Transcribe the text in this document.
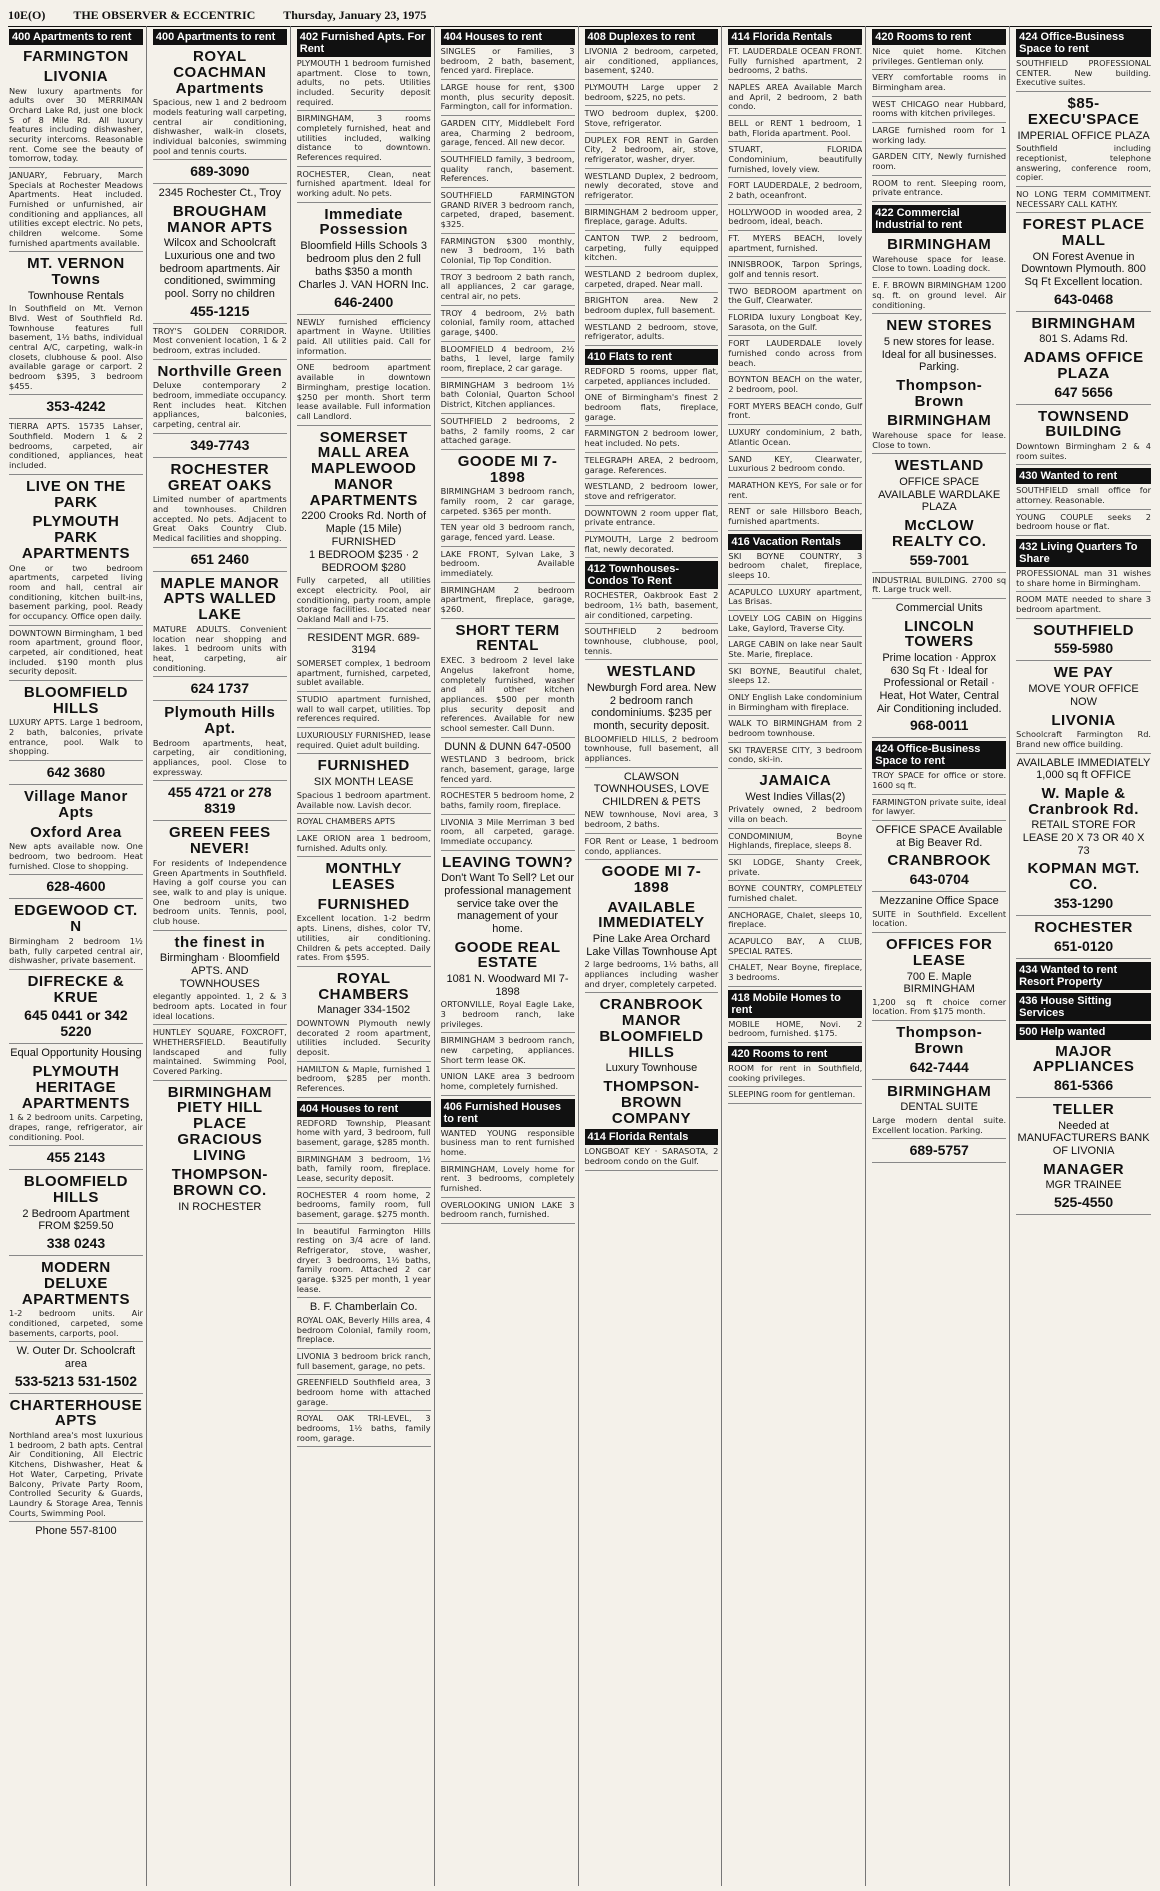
10E(O) THE OBSERVER & ECCENTRIC Thursday, January 23, 1975
400 Apartments to rent
FARMINGTON
LIVONIA
New luxury apartments for adults over 30 MERRIMAN Orchard Lake Rd, just one block S of 8 Mile Rd. All luxury features including dishwasher, security intercoms. Reasonable rent. Come see the beauty of tomorrow, today.
JANUARY, February, March Specials at Rochester Meadows Apartments. Heat included. Furnished or unfurnished, air conditioning and appliances, all utilities except electric. No pets, children welcome. Some furnished apartments available.
MT. VERNON Towns
Townhouse Rentals
In Southfield on Mt. Vernon Blvd. West of Southfield Rd. Townhouse features full basement, 1½ baths, individual central A/C, carpeting, walk-in closets, clubhouse & pool. Also available garage or carport. 2 bedroom $395, 3 bedroom $455.
353-4242
TIERRA APTS. 15735 Lahser, Southfield. Modern 1 & 2 bedrooms, carpeted, air conditioned, appliances, heat included.
LIVE ON THE PARK
PLYMOUTH PARK APARTMENTS
One or two bedroom apartments, carpeted living room and hall, central air conditioning, kitchen built-ins, basement parking, pool. Ready for occupancy. Office open daily.
DOWNTOWN Birmingham, 1 bed room apartment, ground floor, carpeted, air conditioned, heat included. $190 month plus security deposit.
BLOOMFIELD HILLS
LUXURY APTS. Large 1 bedroom, 2 bath, balconies, private entrance, pool. Walk to shopping.
642 3680
Village Manor Apts
Oxford Area
New apts available now. One bedroom, two bedroom. Heat furnished. Close to shopping.
628-4600
EDGEWOOD CT. N
Birmingham 2 bedroom 1½ bath, fully carpeted central air, dishwasher, private basement.
DIFRECKE & KRUE
645 0441 or 342 5220
Equal Opportunity Housing
PLYMOUTH HERITAGE APARTMENTS
1 & 2 bedroom units. Carpeting, drapes, range, refrigerator, air conditioning. Pool.
455 2143
BLOOMFIELD HILLS
2 Bedroom Apartment FROM $259.50
338 0243
MODERN DELUXE APARTMENTS
1-2 bedroom units. Air conditioned, carpeted, some basements, carports, pool.
W. Outer Dr. Schoolcraft area
533-5213 531-1502
CHARTERHOUSE APTS
Northland area's most luxurious 1 bedroom, 2 bath apts. Central Air Conditioning, All Electric Kitchens, Dishwasher, Heat & Hot Water, Carpeting, Private Balcony, Private Party Room, Controlled Security & Guards, Laundry & Storage Area, Tennis Courts, Swimming Pool.
Phone 557-8100
400 Apartments to rent
ROYAL COACHMAN Apartments
Spacious, new 1 and 2 bedroom models featuring wall carpeting, central air conditioning, dishwasher, walk-in closets, individual balconies, swimming pool and tennis courts.
689-3090
2345 Rochester Ct., Troy
BROUGHAM MANOR APTS
Wilcox and Schoolcraft Luxurious one and two bedroom apartments. Air conditioned, swimming pool. Sorry no children
455-1215
TROY'S GOLDEN CORRIDOR. Most convenient location, 1 & 2 bedroom, extras included.
Northville Green
Deluxe contemporary 2 bedroom, immediate occupancy. Rent includes heat. Kitchen appliances, balconies, carpeting, central air.
349-7743
ROCHESTER GREAT OAKS
Limited number of apartments and townhouses. Children accepted. No pets. Adjacent to Great Oaks Country Club. Medical facilities and shopping.
651 2460
MAPLE MANOR APTS WALLED LAKE
MATURE ADULTS. Convenient location near shopping and lakes. 1 bedroom units with heat, carpeting, air conditioning.
624 1737
Plymouth Hills Apt.
Bedroom apartments, heat, carpeting, air conditioning, appliances, pool. Close to expressway.
455 4721 or 278 8319
GREEN FEES NEVER!
For residents of Independence Green Apartments in Southfield. Having a golf course you can see, walk to and play is unique. One bedroom units, two bedroom units. Tennis, pool, club house.
the finest in
Birmingham · Bloomfield APTS. AND TOWNHOUSES
elegantly appointed. 1, 2 & 3 bedroom apts. Located in four ideal locations.
HUNTLEY SQUARE, FOXCROFT, WHETHERSFIELD. Beautifully landscaped and fully maintained. Swimming Pool, Covered Parking.
BIRMINGHAM PIETY HILL PLACE GRACIOUS LIVING
THOMPSON-BROWN CO.
IN ROCHESTER
402 Furnished Apts. For Rent
PLYMOUTH 1 bedroom furnished apartment. Close to town, adults, no pets. Utilities included. Security deposit required.
BIRMINGHAM, 3 rooms completely furnished, heat and utilities included, walking distance to downtown. References required.
ROCHESTER, Clean, neat furnished apartment. Ideal for working adult. No pets.
Immediate Possession
Bloomfield Hills Schools 3 bedroom plus den 2 full baths $350 a month
Charles J. VAN HORN Inc.
646-2400
NEWLY furnished efficiency apartment in Wayne. Utilities paid. All utilities paid. Call for information.
ONE bedroom apartment available in downtown Birmingham, prestige location. $250 per month. Short term lease available. Full information call Landlord.
SOMERSET MALL AREA MAPLEWOOD MANOR APARTMENTS
2200 Crooks Rd. North of Maple (15 Mile) FURNISHED
1 BEDROOM $235 · 2 BEDROOM $280
Fully carpeted, all utilities except electricity. Pool, air conditioning, party room, ample storage facilities. Located near Oakland Mall and I-75.
RESIDENT MGR. 689-3194
SOMERSET complex, 1 bedroom apartment, furnished, carpeted, sublet available.
STUDIO apartment furnished, wall to wall carpet, utilities. Top references required.
LUXURIOUSLY FURNISHED, lease required. Quiet adult building.
FURNISHED
SIX MONTH LEASE
Spacious 1 bedroom apartment. Available now. Lavish decor.
ROYAL CHAMBERS APTS
LAKE ORION area 1 bedroom, furnished. Adults only.
MONTHLY LEASES
FURNISHED
Excellent location. 1-2 bedrm apts. Linens, dishes, color TV, utilities, air conditioning. Children & pets accepted. Daily rates. From $595.
ROYAL CHAMBERS
Manager 334-1502
DOWNTOWN Plymouth newly decorated 2 room apartment, utilities included. Security deposit.
HAMILTON & Maple, furnished 1 bedroom, $285 per month. References.
404 Houses to rent
REDFORD Township, Pleasant home with yard, 3 bedroom, full basement, garage, $285 month.
BIRMINGHAM 3 bedroom, 1½ bath, family room, fireplace. Lease, security deposit.
ROCHESTER 4 room home, 2 bedrooms, family room, full basement, garage. $275 month.
In beautiful Farmington Hills resting on 3/4 acre of land. Refrigerator, stove, washer, dryer. 3 bedrooms, 1½ baths, family room. Attached 2 car garage. $325 per month, 1 year lease.
B. F. Chamberlain Co.
ROYAL OAK, Beverly Hills area, 4 bedroom Colonial, family room, fireplace.
LIVONIA 3 bedroom brick ranch, full basement, garage, no pets.
GREENFIELD Southfield area, 3 bedroom home with attached garage.
ROYAL OAK TRI-LEVEL, 3 bedrooms, 1½ baths, family room, garage.
404 Houses to rent
SINGLES or Families, 3 bedroom, 2 bath, basement, fenced yard. Fireplace.
LARGE house for rent, $300 month, plus security deposit. Farmington, call for information.
GARDEN CITY, Middlebelt Ford area, Charming 2 bedroom, garage, fenced. All new decor.
SOUTHFIELD family, 3 bedroom, quality ranch, basement. References.
SOUTHFIELD FARMINGTON GRAND RIVER 3 bedroom ranch, carpeted, draped, basement. $325.
FARMINGTON $300 monthly, new 3 bedroom, 1½ bath Colonial, Tip Top Condition.
TROY 3 bedroom 2 bath ranch, all appliances, 2 car garage, central air, no pets.
TROY 4 bedroom, 2½ bath colonial, family room, attached garage, $400.
BLOOMFIELD 4 bedroom, 2½ baths, 1 level, large family room, fireplace, 2 car garage.
BIRMINGHAM 3 bedroom 1½ bath Colonial, Quarton School District, Kitchen appliances.
SOUTHFIELD 2 bedrooms, 2 baths, 2 family rooms, 2 car attached garage.
GOODE MI 7-1898
BIRMINGHAM 3 bedroom ranch, family room, 2 car garage, carpeted. $365 per month.
TEN year old 3 bedroom ranch, garage, fenced yard. Lease.
LAKE FRONT, Sylvan Lake, 3 bedroom. Available immediately.
BIRMINGHAM 2 bedroom apartment, fireplace, garage, $260.
SHORT TERM RENTAL
EXEC. 3 bedroom 2 level lake Angelus lakefront home, completely furnished, washer and all other kitchen appliances. $500 per month plus security deposit and references. Available for new school semester. Call Dunn.
DUNN & DUNN 647-0500
WESTLAND 3 bedroom, brick ranch, basement, garage, large fenced yard.
ROCHESTER 5 bedroom home, 2 baths, family room, fireplace.
LIVONIA 3 Mile Merriman 3 bed room, all carpeted, garage. Immediate occupancy.
LEAVING TOWN?
Don't Want To Sell? Let our professional management service take over the management of your home.
GOODE REAL ESTATE
1081 N. Woodward MI 7-1898
ORTONVILLE, Royal Eagle Lake, 3 bedroom ranch, lake privileges.
BIRMINGHAM 3 bedroom ranch, new carpeting, appliances. Short term lease OK.
UNION LAKE area 3 bedroom home, completely furnished.
406 Furnished Houses to rent
WANTED YOUNG responsible business man to rent furnished home.
BIRMINGHAM, Lovely home for rent. 3 bedrooms, completely furnished.
OVERLOOKING UNION LAKE 3 bedroom ranch, furnished.
408 Duplexes to rent
LIVONIA 2 bedroom, carpeted, air conditioned, appliances, basement, $240.
PLYMOUTH Large upper 2 bedroom, $225, no pets.
TWO bedroom duplex, $200. Stove, refrigerator.
DUPLEX FOR RENT in Garden City, 2 bedroom, air, stove, refrigerator, washer, dryer.
WESTLAND Duplex, 2 bedroom, newly decorated, stove and refrigerator.
BIRMINGHAM 2 bedroom upper, fireplace, garage. Adults.
CANTON TWP. 2 bedroom, carpeting, fully equipped kitchen.
WESTLAND 2 bedroom duplex, carpeted, draped. Near mall.
BRIGHTON area. New 2 bedroom duplex, full basement.
WESTLAND 2 bedroom, stove, refrigerator, adults.
410 Flats to rent
REDFORD 5 rooms, upper flat, carpeted, appliances included.
ONE of Birmingham's finest 2 bedroom flats, fireplace, garage.
FARMINGTON 2 bedroom lower, heat included. No pets.
TELEGRAPH AREA, 2 bedroom, garage. References.
WESTLAND, 2 bedroom lower, stove and refrigerator.
DOWNTOWN 2 room upper flat, private entrance.
PLYMOUTH, Large 2 bedroom flat, newly decorated.
412 Townhouses-Condos To Rent
ROCHESTER, Oakbrook East 2 bedroom, 1½ bath, basement, air conditioned, carpeting.
SOUTHFIELD 2 bedroom townhouse, clubhouse, pool, tennis.
WESTLAND
Newburgh Ford area. New 2 bedroom ranch condominiums. $235 per month, security deposit.
BLOOMFIELD HILLS, 2 bedroom townhouse, full basement, all appliances.
CLAWSON TOWNHOUSES, LOVE CHILDREN & PETS
NEW townhouse, Novi area, 3 bedroom, 2 baths.
FOR Rent or Lease, 1 bedroom condo, appliances.
GOODE MI 7-1898
AVAILABLE IMMEDIATELY
Pine Lake Area Orchard Lake Villas Townhouse Apt
2 large bedrooms, 1½ baths, all appliances including washer and dryer, completely carpeted.
CRANBROOK MANOR BLOOMFIELD HILLS
Luxury Townhouse
THOMPSON-BROWN COMPANY
414 Florida Rentals
LONGBOAT KEY · SARASOTA, 2 bedroom condo on the Gulf.
414 Florida Rentals
FT. LAUDERDALE OCEAN FRONT. Fully furnished apartment, 2 bedrooms, 2 baths.
NAPLES AREA Available March and April, 2 bedroom, 2 bath condo.
BELL or RENT 1 bedroom, 1 bath, Florida apartment. Pool.
STUART, FLORIDA Condominium, beautifully furnished, lovely view.
FORT LAUDERDALE, 2 bedroom, 2 bath, oceanfront.
HOLLYWOOD in wooded area, 2 bedroom, ideal, beach.
FT. MYERS BEACH, lovely apartment, furnished.
INNISBROOK, Tarpon Springs, golf and tennis resort.
TWO BEDROOM apartment on the Gulf, Clearwater.
FLORIDA luxury Longboat Key, Sarasota, on the Gulf.
FORT LAUDERDALE lovely furnished condo across from beach.
BOYNTON BEACH on the water, 2 bedroom, pool.
FORT MYERS BEACH condo, Gulf front.
LUXURY condominium, 2 bath, Atlantic Ocean.
SAND KEY, Clearwater, Luxurious 2 bedroom condo.
MARATHON KEYS, For sale or for rent.
RENT or sale Hillsboro Beach, furnished apartments.
416 Vacation Rentals
SKI BOYNE COUNTRY, 3 bedroom chalet, fireplace, sleeps 10.
ACAPULCO LUXURY apartment, Las Brisas.
LOVELY LOG CABIN on Higgins Lake, Gaylord, Traverse City.
LARGE CABIN on lake near Sault Ste. Marie, fireplace.
SKI BOYNE, Beautiful chalet, sleeps 12.
ONLY English Lake condominium in Birmingham with fireplace.
WALK TO BIRMINGHAM from 2 bedroom townhouse.
SKI TRAVERSE CITY, 3 bedroom condo, ski-in.
JAMAICA
West Indies Villas(2)
Privately owned, 2 bedroom villa on beach.
CONDOMINIUM, Boyne Highlands, fireplace, sleeps 8.
SKI LODGE, Shanty Creek, private.
BOYNE COUNTRY, COMPLETELY furnished chalet.
ANCHORAGE, Chalet, sleeps 10, fireplace.
ACAPULCO BAY, A CLUB, SPECIAL RATES.
CHALET, Near Boyne, fireplace, 3 bedrooms.
418 Mobile Homes to rent
MOBILE HOME, Novi. 2 bedroom, furnished. $175.
420 Rooms to rent
ROOM for rent in Southfield, cooking privileges.
SLEEPING room for gentleman.
420 Rooms to rent
Nice quiet home. Kitchen privileges. Gentleman only.
VERY comfortable rooms in Birmingham area.
WEST CHICAGO near Hubbard, rooms with kitchen privileges.
LARGE furnished room for 1 working lady.
GARDEN CITY, Newly furnished room.
ROOM to rent. Sleeping room, private entrance.
422 Commercial Industrial to rent
BIRMINGHAM
Warehouse space for lease. Close to town. Loading dock.
E. F. BROWN BIRMINGHAM 1200 sq. ft. on ground level. Air conditioning.
NEW STORES
5 new stores for lease. Ideal for all businesses. Parking.
Thompson-Brown
BIRMINGHAM
Warehouse space for lease. Close to town.
WESTLAND
OFFICE SPACE AVAILABLE WARDLAKE PLAZA
McCLOW REALTY CO.
559-7001
INDUSTRIAL BUILDING. 2700 sq ft. Large truck well.
Commercial Units
LINCOLN TOWERS
Prime location · Approx 630 Sq Ft · Ideal for Professional or Retail · Heat, Hot Water, Central Air Conditioning included.
968-0011
424 Office-Business Space to rent
TROY SPACE for office or store. 1600 sq ft.
FARMINGTON private suite, ideal for lawyer.
OFFICE SPACE Available at Big Beaver Rd.
CRANBROOK
643-0704
Mezzanine Office Space
SUITE in Southfield. Excellent location.
OFFICES FOR LEASE
700 E. Maple BIRMINGHAM
1,200 sq ft choice corner location. From $175 month.
Thompson-Brown
642-7444
BIRMINGHAM
DENTAL SUITE
Large modern dental suite. Excellent location. Parking.
689-5757
424 Office-Business Space to rent
SOUTHFIELD PROFESSIONAL CENTER. New building. Executive suites.
$85-EXECU'SPACE
IMPERIAL OFFICE PLAZA
Southfield including receptionist, telephone answering, conference room, copier.
NO LONG TERM COMMITMENT. NECESSARY CALL KATHY.
FOREST PLACE MALL
ON Forest Avenue in Downtown Plymouth. 800 Sq Ft Excellent location.
643-0468
BIRMINGHAM
801 S. Adams Rd.
ADAMS OFFICE PLAZA
647 5656
TOWNSEND BUILDING
Downtown Birmingham 2 & 4 room suites.
430 Wanted to rent
SOUTHFIELD small office for attorney. Reasonable.
YOUNG COUPLE seeks 2 bedroom house or flat.
432 Living Quarters To Share
PROFESSIONAL man 31 wishes to share home in Birmingham.
ROOM MATE needed to share 3 bedroom apartment.
SOUTHFIELD
559-5980
WE PAY
MOVE YOUR OFFICE NOW
LIVONIA
Schoolcraft Farmington Rd. Brand new office building.
AVAILABLE IMMEDIATELY 1,000 sq ft OFFICE
W. Maple & Cranbrook Rd.
RETAIL STORE FOR LEASE 20 X 73 OR 40 X 73
KOPMAN MGT. CO.
353-1290
ROCHESTER
651-0120
434 Wanted to rent Resort Property
436 House Sitting Services
500 Help wanted
MAJOR APPLIANCES
861-5366
TELLER
Needed at MANUFACTURERS BANK OF LIVONIA
MANAGER
MGR TRAINEE
525-4550
